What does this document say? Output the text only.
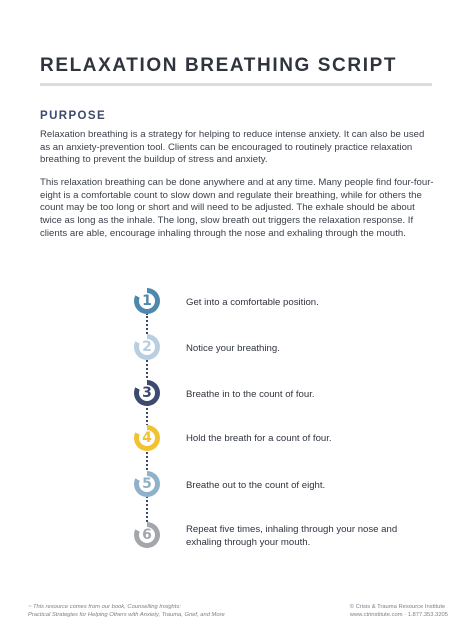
RELAXATION BREATHING SCRIPT
PURPOSE

Relaxation breathing is a strategy for helping to reduce intense anxiety. It can also be used as an anxiety-prevention tool. Clients can be encouraged to routinely practice relaxation breathing to prevent the buildup of stress and anxiety.

This relaxation breathing can be done anywhere and at any time. Many people find four-four-eight is a comfortable count to slow down and regulate their breathing, while for others the count may be too long or short and will need to be adjusted. The exhale should be about twice as long as the inhale. The long, slow breath out triggers the relaxation response. If clients are able, encourage inhaling through the nose and exhaling through the mouth.

1	Get into a comfortable position.
2	Notice your breathing.
3	Breathe in to the count of four.
4	Hold the breath for a count of four.
5	Breathe out to the count of eight.
6	Repeat five times, inhaling through your nose and exhaling through your mouth.
~ This resource comes from our book, Counselling Insights:
Practical Strategies for Helping Others with Anxiety, Trauma, Grief, and More
© Crisis & Trauma Resource Institute
www.ctrinstitute.com · 1.877.353.3205
